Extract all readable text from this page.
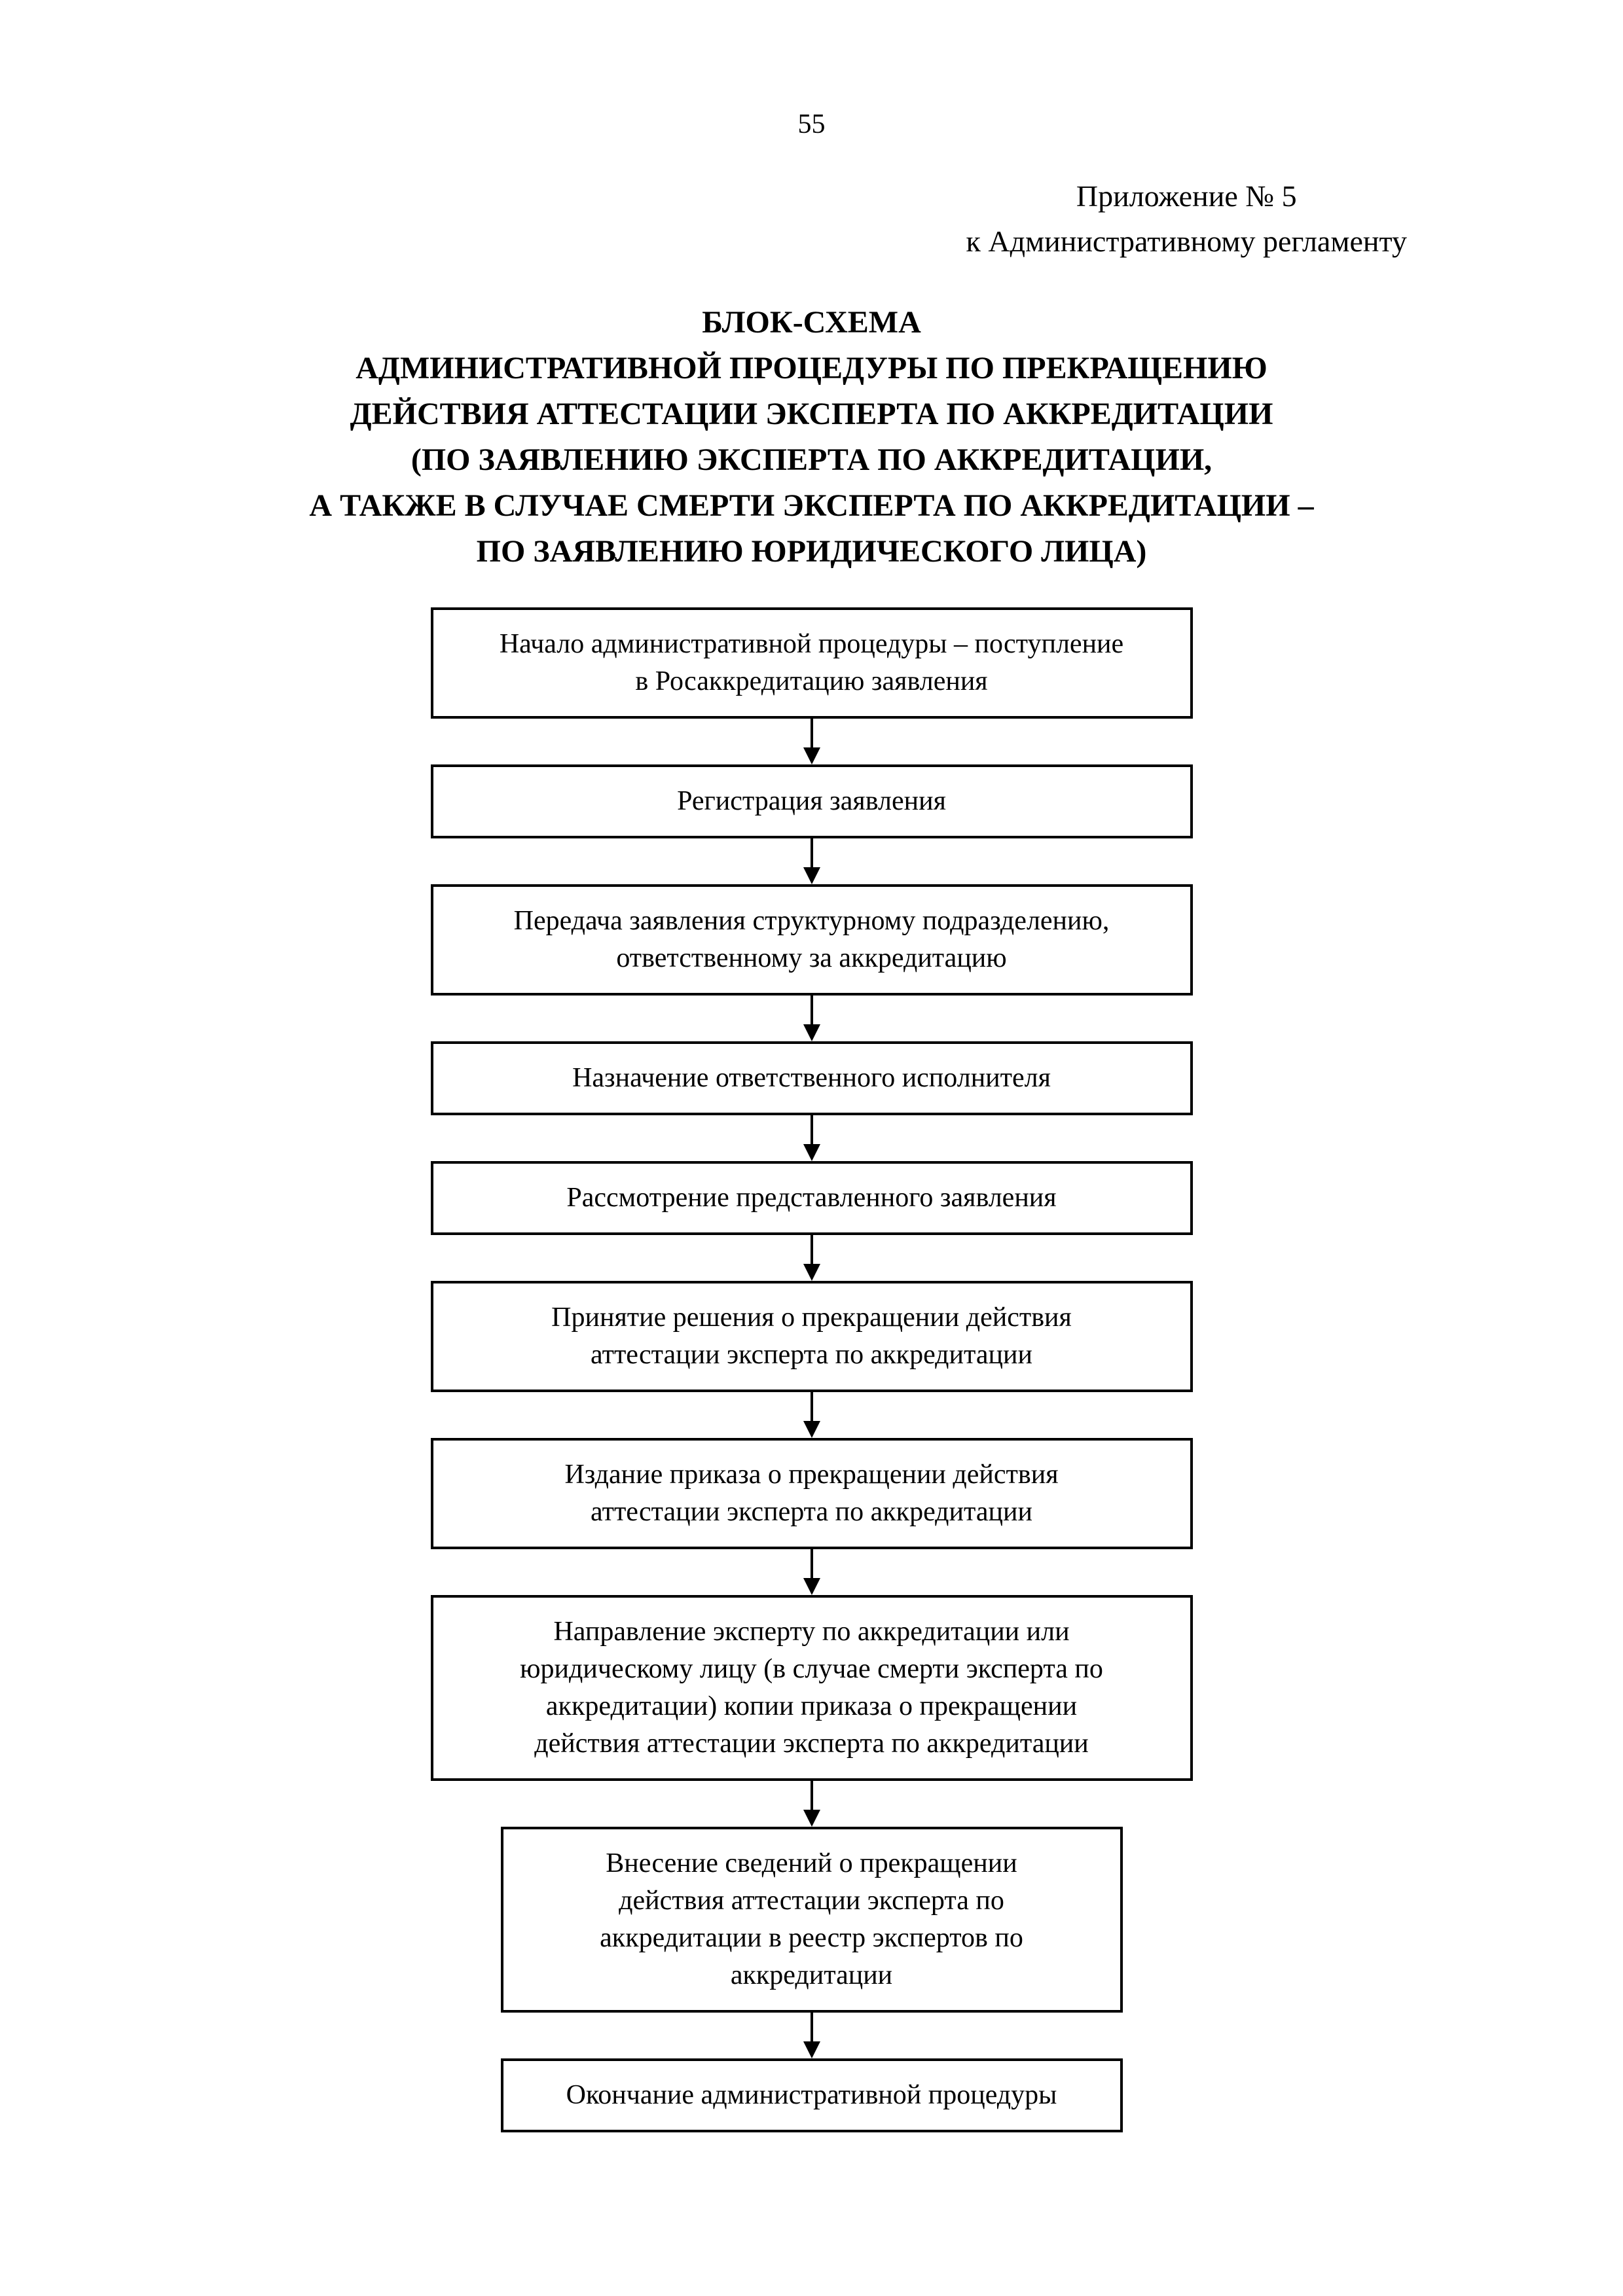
55
Приложение № 5
к Административному регламенту
БЛОК-СХЕМА
АДМИНИСТРАТИВНОЙ ПРОЦЕДУРЫ ПО ПРЕКРАЩЕНИЮ
ДЕЙСТВИЯ АТТЕСТАЦИИ ЭКСПЕРТА ПО АККРЕДИТАЦИИ
(ПО ЗАЯВЛЕНИЮ ЭКСПЕРТА ПО АККРЕДИТАЦИИ,
А ТАКЖЕ В СЛУЧАЕ СМЕРТИ ЭКСПЕРТА ПО АККРЕДИТАЦИИ –
ПО ЗАЯВЛЕНИЮ ЮРИДИЧЕСКОГО ЛИЦА)
Начало административной процедуры – поступление в Росаккредитацию заявления
Регистрация заявления
Передача заявления структурному подразделению, ответственному за аккредитацию
Назначение ответственного исполнителя
Рассмотрение представленного заявления
Принятие решения о прекращении действия аттестации эксперта по аккредитации
Издание приказа о прекращении действия аттестации эксперта по аккредитации
Направление эксперту по аккредитации или юридическому лицу (в случае смерти эксперта по аккредитации) копии приказа о прекращении действия аттестации эксперта по аккредитации
Внесение сведений о прекращении действия аттестации эксперта по аккредитации в реестр экспертов по аккредитации
Окончание административной процедуры
